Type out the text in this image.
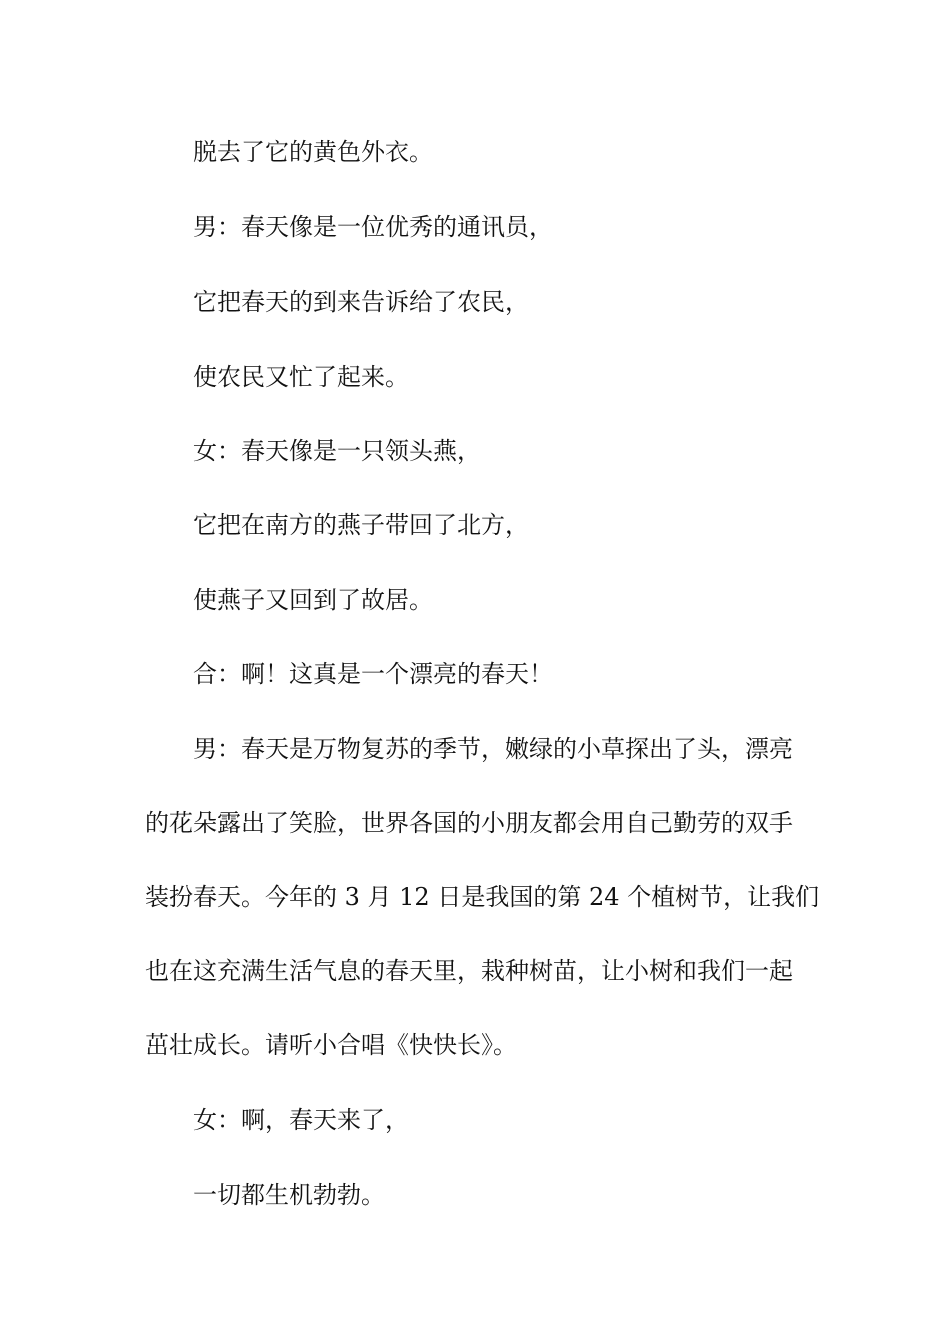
脱去了它的黄色外衣。
男：春天像是一位优秀的通讯员，
它把春天的到来告诉给了农民，
使农民又忙了起来。
女：春天像是一只领头燕，
它把在南方的燕子带回了北方，
使燕子又回到了故居。
合：啊！这真是一个漂亮的春天！
男：春天是万物复苏的季节，嫩绿的小草探出了头，漂亮
的花朵露出了笑脸，世界各国的小朋友都会用自己勤劳的双手
装扮春天。今年的 3 月 12 日是我国的第 24 个植树节，让我们
也在这充满生活气息的春天里，栽种树苗，让小树和我们一起
茁壮成长。请听小合唱《快快长》。
女：啊，春天来了，
一切都生机勃勃。
